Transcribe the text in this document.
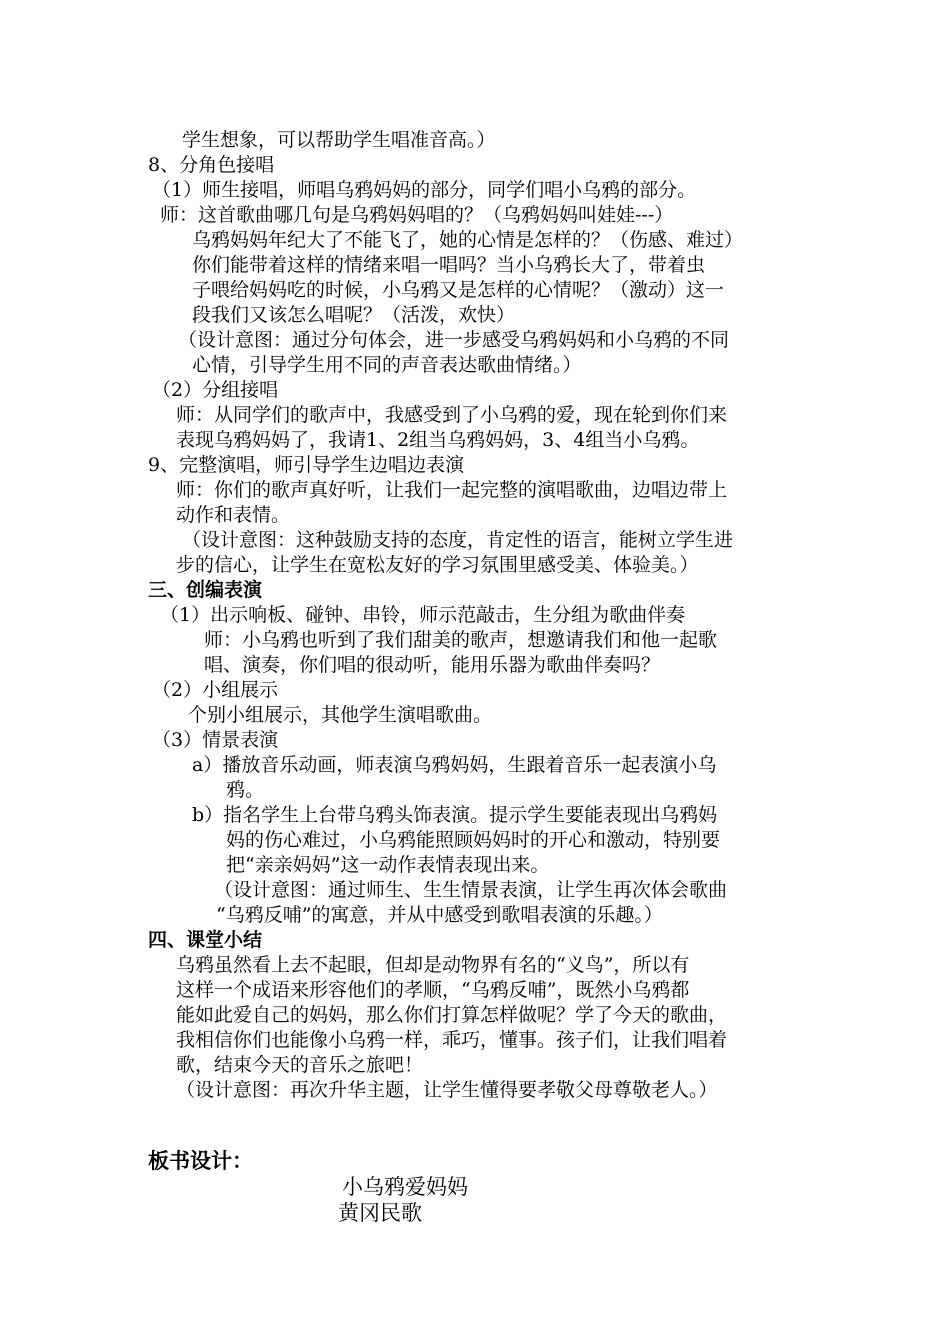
学生想象，可以帮助学生唱准音高。）
8、分角色接唱
（1）师生接唱，师唱乌鸦妈妈的部分，同学们唱小乌鸦的部分。
师：这首歌曲哪几句是乌鸦妈妈唱的？（乌鸦妈妈叫娃娃---）
乌鸦妈妈年纪大了不能飞了，她的心情是怎样的？（伤感、难过）
你们能带着这样的情绪来唱一唱吗？当小乌鸦长大了，带着虫
子喂给妈妈吃的时候，小乌鸦又是怎样的心情呢？（激动）这一
段我们又该怎么唱呢？（活泼，欢快）
（设计意图：通过分句体会，进一步感受乌鸦妈妈和小乌鸦的不同
心情，引导学生用不同的声音表达歌曲情绪。）
（2）分组接唱
师：从同学们的歌声中，我感受到了小乌鸦的爱，现在轮到你们来
表现乌鸦妈妈了，我请1、2组当乌鸦妈妈，3、4组当小乌鸦。
9、完整演唱，师引导学生边唱边表演
师：你们的歌声真好听，让我们一起完整的演唱歌曲，边唱边带上
动作和表情。
（设计意图：这种鼓励支持的态度，肯定性的语言，能树立学生进
步的信心，让学生在宽松友好的学习氛围里感受美、体验美。）
三、创编表演
（1）出示响板、碰钟、串铃，师示范敲击，生分组为歌曲伴奏
师：小乌鸦也听到了我们甜美的歌声，想邀请我们和他一起歌
唱、演奏，你们唱的很动听，能用乐器为歌曲伴奏吗？
（2）小组展示
个别小组展示，其他学生演唱歌曲。
（3）情景表演
a）播放音乐动画，师表演乌鸦妈妈，生跟着音乐一起表演小乌
鸦。
b）指名学生上台带乌鸦头饰表演。提示学生要能表现出乌鸦妈
妈的伤心难过，小乌鸦能照顾妈妈时的开心和激动，特别要
把“亲亲妈妈”这一动作表情表现出来。
（设计意图：通过师生、生生情景表演，让学生再次体会歌曲
“乌鸦反哺”的寓意，并从中感受到歌唱表演的乐趣。）
四、课堂小结
乌鸦虽然看上去不起眼，但却是动物界有名的“义鸟”，所以有
这样一个成语来形容他们的孝顺，“乌鸦反哺”，既然小乌鸦都
能如此爱自己的妈妈，那么你们打算怎样做呢？学了今天的歌曲，
我相信你们也能像小乌鸦一样，乖巧，懂事。孩子们，让我们唱着
歌，结束今天的音乐之旅吧！
（设计意图：再次升华主题，让学生懂得要孝敬父母尊敬老人。）
板书设计：
小乌鸦爱妈妈
黄冈民歌
